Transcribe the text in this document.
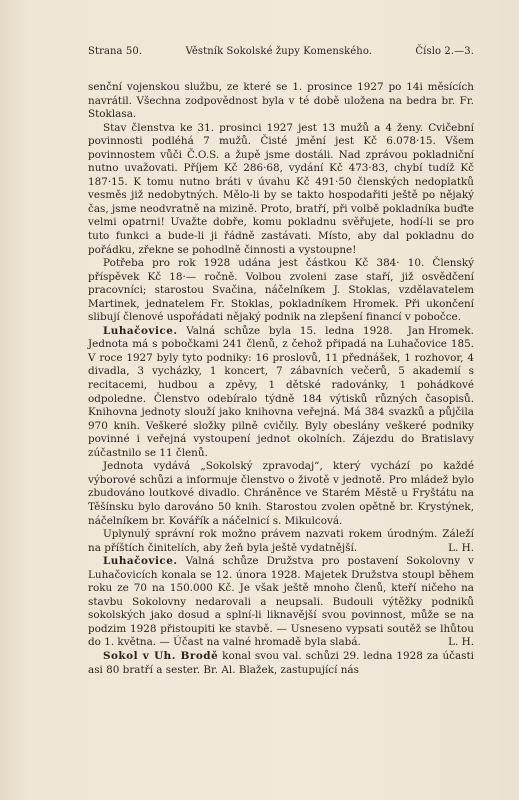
Strana 50.	Věstník Sokolské župy Komenského.	Číslo 2.—3.

senční vojenskou službu, ze které se 1. prosince 1927 po 14i měsících navrátil. Všechna zodpovědnost byla v té době uložena na bedra br. Fr. Stoklasa.

Stav členstva ke 31. prosinci 1927 jest 13 mužů a 4 ženy. Cvičební povinnosti podléhá 7 mužů. Čisté jmění jest Kč 6.078·15. Všem povinnostem vůči Č.O.S. a župě jsme dostáli. Nad zprávou pokladniční nutno uvažovati. Příjem Kč 286·68, vydání Kč 473·83, chybí tudíž Kč 187·15. K tomu nutno bráti v úvahu Kč 491·50 členských nedoplatků vesměs již nedobytných. Mělo-li by se takto hospodařiti ještě po nějaký čas, jsme neodvratně na mizině. Proto, bratří, při volbě pokladníka buďte velmi opatrni! Uvažte dobře, komu pokladnu svěřujete, hodí-li se pro tuto funkci a bude-li ji řádně zastávati. Místo, aby dal pokladnu do pořádku, zřekne se pohodlně činnosti a vystoupne!

Potřeba pro rok 1928 udána jest částkou Kč 384· 10. Členský příspěvek Kč 18·— ročně. Volbou zvoleni zase staří, již osvědčení pracovníci; starostou Svačina, náčelníkem J. Stoklas, vzdělavatelem Martinek, jednatelem Fr. Stoklas, pokladníkem Hromek. Při ukončení slibují členové uspořádati nějaký podnik na zlepšení financí v pobočce.
Jan Hromek.

Luhačovice. Valná schůze byla 15. ledna 1928. Jednota má s pobočkami 241 členů, z čehož připadá na Luhačovice 185. V roce 1927 byly tyto podniky: 16 proslovů, 11 přednášek, 1 rozhovor, 4 divadla, 3 vycházky, 1 koncert, 7 zábavních večerů, 5 akademií s recitacemi, hudbou a zpěvy, 1 dětské radovánky, 1 pohádkové odpoledne. Členstvo odebíralo týdně 184 výtisků různých časopisů. Knihovna jednoty slouží jako knihovna veřejná. Má 384 svazků a půjčila 970 knih. Veškeré složky pilně cvičily. Byly obeslány veškeré podniky povinné i veřejná vystoupení jednot okolních. Zájezdu do Bratislavy zúčastnilo se 11 členů.

Jednota vydává „Sokolský zpravodaj“, který vychází po každé výborové schůzi a informuje členstvo o životě v jednotě. Pro mládež bylo zbudováno loutkové divadlo. Chráněnce ve Starém Městě u Fryštátu na Těšínsku bylo darováno 50 knih. Starostou zvolen opětně br. Krystýnek, náčelníkem br. Kovářík a náčelnicí s. Mikulcová.

Uplynulý správní rok možno právem nazvati rokem úrodným. Záleží na příštích činitelích, aby žeň byla ještě vydatnější.	L. H.

Luhačovice. Valná schůze Družstva pro postavení Sokolovny v Luhačovicích konala se 12. února 1928. Majetek Družstva stoupl během roku ze 70 na 150.000 Kč. Je však ještě mnoho členů, kteří ničeho na stavbu Sokolovny nedarovali a neupsali. Budouli výtěžky podniků sokolských jako dosud a splní-li liknavější svou povinnost, může se na podzim 1928 přistoupiti ke stavbě. — Usneseno vypsati soutěž se lhůtou do 1. května. — Účast na valné hromadě byla slabá.	L. H.

Sokol v Uh. Brodě konal svou val. schůzi 29. ledna 1928 za účasti asi 80 bratří a sester. Br. Al. Blažek, zastupující nás
